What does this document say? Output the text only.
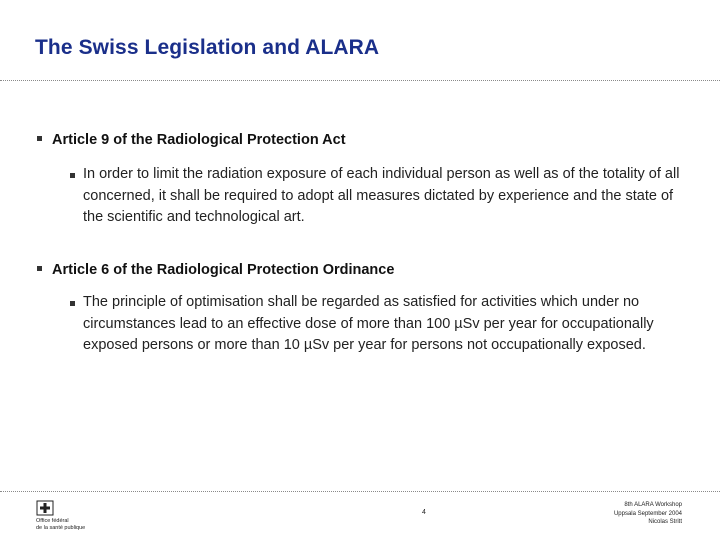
The Swiss Legislation and ALARA
Article 9 of the Radiological Protection Act
In order to limit the radiation exposure of each individual person as well as of the totality of all concerned, it shall be required to adopt all measures dictated by experience and the state of the scientific and technological art.
Article 6 of the Radiological Protection Ordinance
The principle of optimisation shall be regarded as satisfied for activities which under no circumstances lead to an effective dose of more than 100 µSv per year for occupationally exposed persons or more than 10 µSv per year for persons not occupationally exposed.
Office fédéral
de la santé publique
4
8th ALARA Workshop
Uppsala September 2004
Nicolas Stritt
